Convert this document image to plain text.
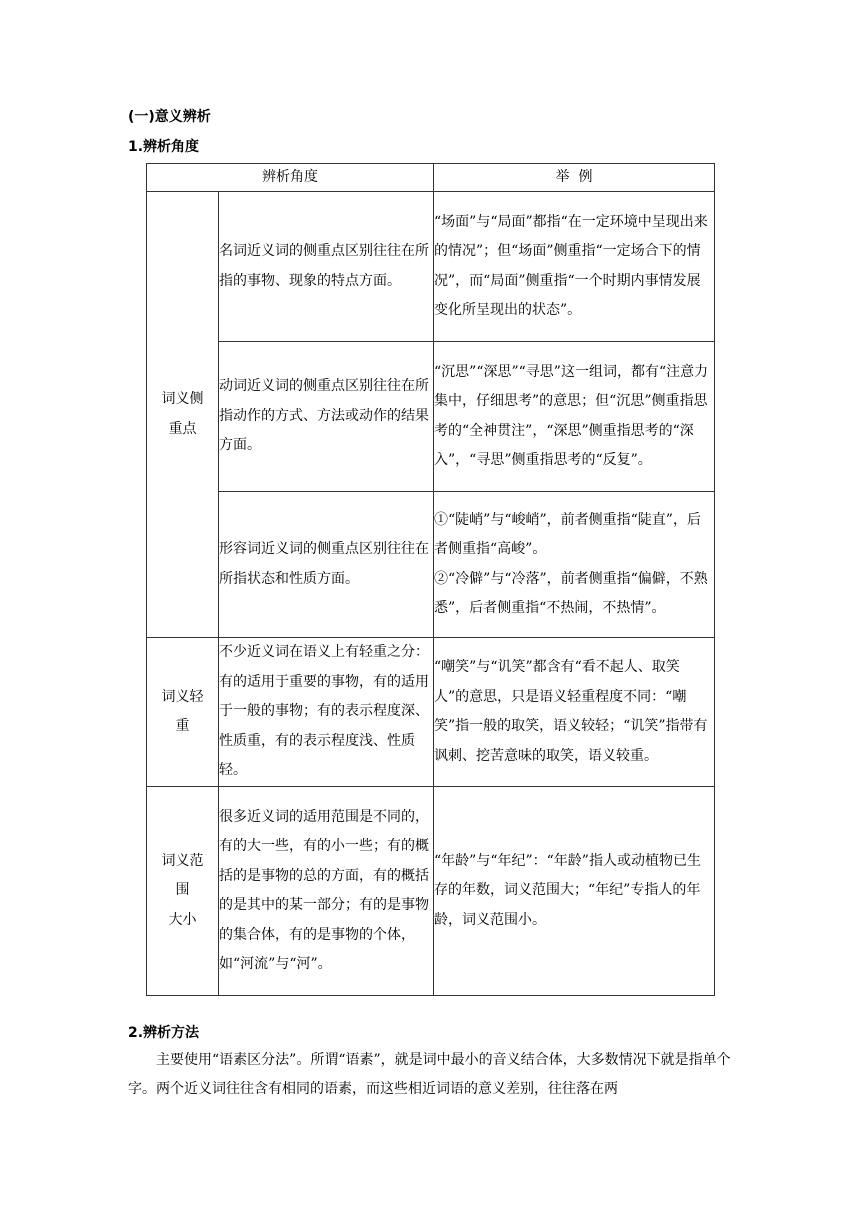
(一)意义辨析
1.辨析角度
辨析角度		举  例

词义侧重点	名词近义词的侧重点区别往往在所指的事物、现象的特点方面。	“场面”与“局面”都指“在一定环境中呈现出来的情况”；但“场面”侧重指“一定场合下的情况”，而“局面”侧重指“一个时期内事情发展变化所呈现出的状态”。
	动词近义词的侧重点区别往往在所指动作的方式、方法或动作的结果方面。	“沉思”“深思”“寻思”这一组词，都有“注意力集中，仔细思考”的意思；但“沉思”侧重指思考的“全神贯注”，“深思”侧重指思考的“深入”，“寻思”侧重指思考的“反复”。
	形容词近义词的侧重点区别往往在所指状态和性质方面。	①“陡峭”与“峻峭”，前者侧重指“陡直”，后者侧重指“高峻”。
②“冷僻”与“冷落”，前者侧重指“偏僻，不熟悉”，后者侧重指“不热闹，不热情”。

词义轻重	不少近义词在语义上有轻重之分：有的适用于重要的事物，有的适用于一般的事物；有的表示程度深、性质重，有的表示程度浅、性质轻。	“嘲笑”与“讥笑”都含有“看不起人、取笑人”的意思，只是语义轻重程度不同：“嘲笑”指一般的取笑，语义较轻；“讥笑”指带有讽刺、挖苦意味的取笑，语义较重。

词义范
围
大小	很多近义词的适用范围是不同的，有的大一些，有的小一些；有的概括的是事物的总的方面，有的概括的是其中的某一部分；有的是事物的集合体，有的是事物的个体，如“河流”与“河”。	“年龄”与“年纪”：“年龄”指人或动植物已生存的年数，词义范围大；“年纪”专指人的年龄，词义范围小。
2.辨析方法
主要使用“语素区分法”。所谓“语素”，就是词中最小的音义结合体，大多数情况下就是指单个字。两个近义词往往含有相同的语素，而这些相近词语的意义差别，往往落在两
